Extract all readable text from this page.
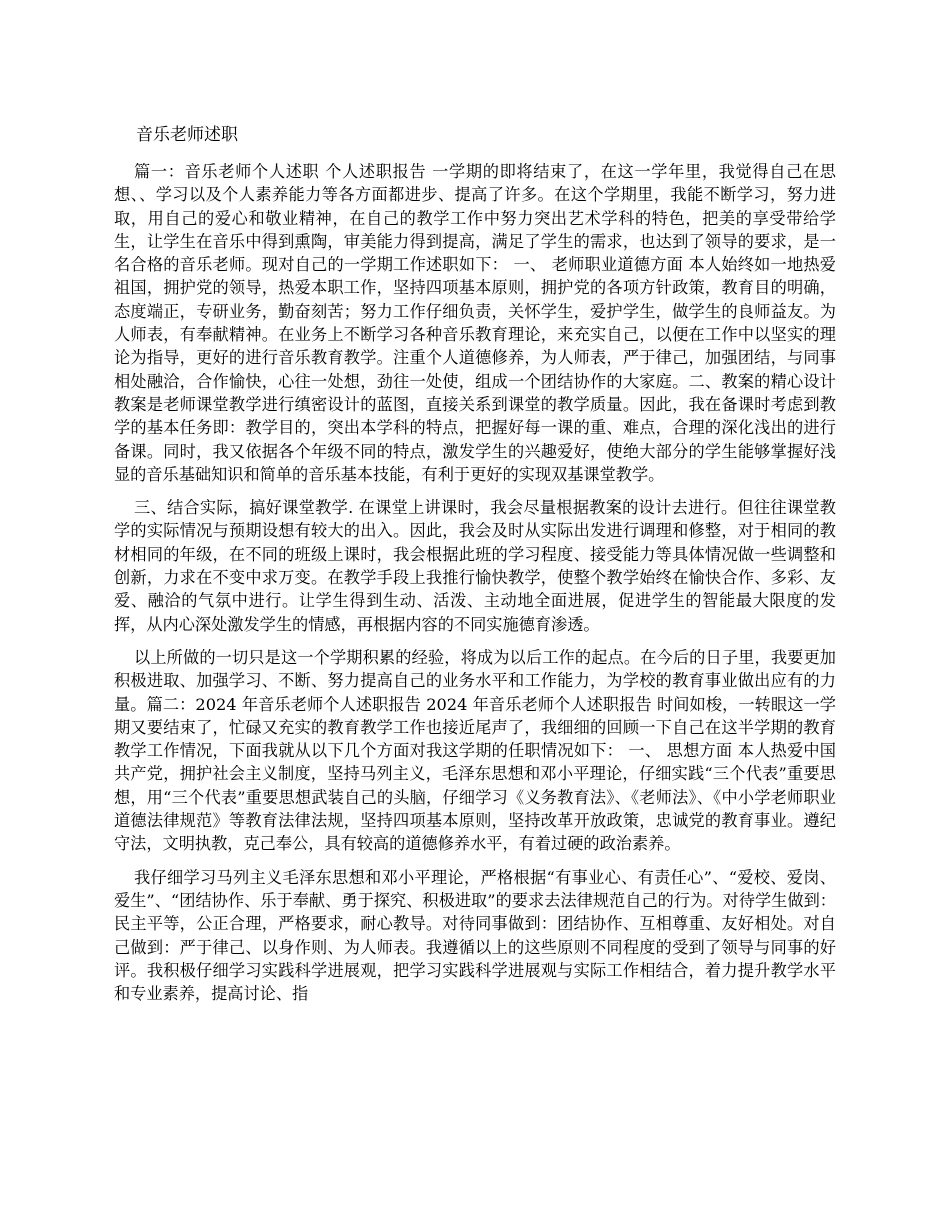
音乐老师述职

篇一：音乐老师个人述职 个人述职报告 一学期的即将结束了，在这一学年里，我觉得自己在思想、、学习以及个人素养能力等各方面都进步、提高了许多。在这个学期里，我能不断学习，努力进取，用自己的爱心和敬业精神，在自己的教学工作中努力突出艺术学科的特色，把美的享受带给学生，让学生在音乐中得到熏陶，审美能力得到提高，满足了学生的需求，也达到了领导的要求，是一名合格的音乐老师。现对自己的一学期工作述职如下： 一、 老师职业道德方面 本人始终如一地热爱祖国，拥护党的领导，热爱本职工作，坚持四项基本原则，拥护党的各项方针政策，教育目的明确，态度端正，专研业务，勤奋刻苦；努力工作仔细负责，关怀学生，爱护学生，做学生的良师益友。为人师表，有奉献精神。在业务上不断学习各种音乐教育理论，来充实自己，以便在工作中以坚实的理论为指导，更好的进行音乐教育教学。注重个人道德修养，为人师表，严于律己，加强团结，与同事相处融洽，合作愉快，心往一处想，劲往一处使，组成一个团结协作的大家庭。二、教案的精心设计 教案是老师课堂教学进行缜密设计的蓝图，直接关系到课堂的教学质量。因此，我在备课时考虑到教学的基本任务即：教学目的，突出本学科的特点，把握好每一课的重、难点，合理的深化浅出的进行备课。同时，我又依据各个年级不同的特点，激发学生的兴趣爱好，使绝大部分的学生能够掌握好浅显的音乐基础知识和简单的音乐基本技能，有利于更好的实现双基课堂教学。

三、结合实际，搞好课堂教学. 在课堂上讲课时，我会尽量根据教案的设计去进行。但往往课堂教学的实际情况与预期设想有较大的出入。因此，我会及时从实际出发进行调理和修整，对于相同的教材相同的年级，在不同的班级上课时，我会根据此班的学习程度、接受能力等具体情况做一些调整和创新，力求在不变中求万变。在教学手段上我推行愉快教学，使整个教学始终在愉快合作、多彩、友爱、融洽的气氛中进行。让学生得到生动、活泼、主动地全面进展，促进学生的智能最大限度的发挥，从内心深处激发学生的情感，再根据内容的不同实施德育渗透。

以上所做的一切只是这一个学期积累的经验，将成为以后工作的起点。在今后的日子里，我要更加积极进取、加强学习、不断、努力提高自己的业务水平和工作能力，为学校的教育事业做出应有的力量。篇二：2024 年音乐老师个人述职报告 2024 年音乐老师个人述职报告 时间如梭，一转眼这一学期又要结束了，忙碌又充实的教育教学工作也接近尾声了，我细细的回顾一下自己在这半学期的教育教学工作情况，下面我就从以下几个方面对我这学期的任职情况如下： 一、 思想方面 本人热爱中国共产党，拥护社会主义制度，坚持马列主义，毛泽东思想和邓小平理论，仔细实践“三个代表”重要思想，用“三个代表”重要思想武装自己的头脑，仔细学习《义务教育法》、《老师法》、《中小学老师职业道德法律规范》等教育法律法规，坚持四项基本原则，坚持改革开放政策，忠诚党的教育事业。遵纪守法，文明执教，克己奉公，具有较高的道德修养水平，有着过硬的政治素养。

我仔细学习马列主义毛泽东思想和邓小平理论，严格根据“有事业心、有责任心”、“爱校、爱岗、爱生”、“团结协作、乐于奉献、勇于探究、积极进取”的要求去法律规范自己的行为。对待学生做到：民主平等，公正合理，严格要求，耐心教导。对待同事做到：团结协作、互相尊重、友好相处。对自己做到：严于律己、以身作则、为人师表。我遵循以上的这些原则不同程度的受到了领导与同事的好评。我积极仔细学习实践科学进展观，把学习实践科学进展观与实际工作相结合，着力提升教学水平和专业素养，提高讨论、指
